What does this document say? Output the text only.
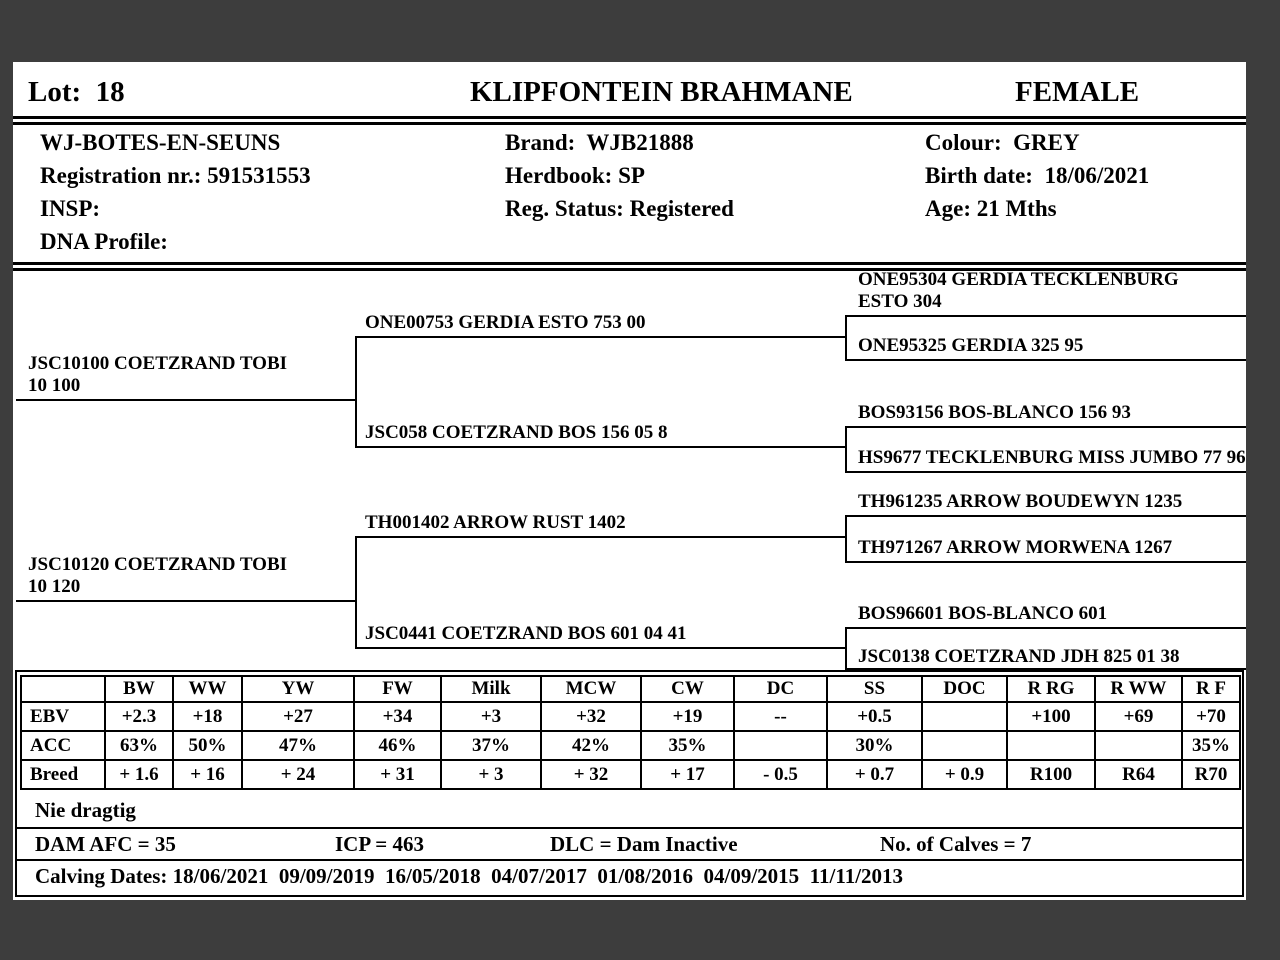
Lot:  18	KLIPFONTEIN BRAHMANE	FEMALE
WJ-BOTES-EN-SEUNS
Registration nr.: 591531553
INSP:
DNA Profile:
Brand:  WJB21888
Herdbook: SP
Reg. Status: Registered
Colour:  GREY
Birth date:  18/06/2021
Age: 21 Mths
JSC10100 COETZRAND TOBI 10 100
JSC10120 COETZRAND TOBI 10 120
ONE00753 GERDIA ESTO 753 00
JSC058 COETZRAND BOS 156 05 8
TH001402 ARROW RUST 1402
JSC0441 COETZRAND BOS 601 04 41
ONE95304 GERDIA TECKLENBURG ESTO 304
ONE95325 GERDIA 325 95
BOS93156 BOS-BLANCO 156 93
HS9677 TECKLENBURG MISS JUMBO 77 96
TH961235 ARROW BOUDEWYN 1235
TH971267 ARROW MORWENA 1267
BOS96601 BOS-BLANCO 601
JSC0138 COETZRAND JDH 825 01 38
	BW	WW	YW	FW	Milk	MCW	CW	DC	SS	DOC	R RG	R WW	R F
EBV	+2.3	+18	+27	+34	+3	+32	+19	--	+0.5		+100	+69	+70
ACC	63%	50%	47%	46%	37%	42%	35%		30%				35%
Breed	+ 1.6	+ 16	+ 24	+ 31	+ 3	+ 32	+ 17	- 0.5	+ 0.7	+ 0.9	R100	R64	R70
Nie dragtig
DAM AFC = 35	ICP = 463	DLC = Dam Inactive	No. of Calves = 7
Calving Dates: 18/06/2021  09/09/2019  16/05/2018  04/07/2017  01/08/2016  04/09/2015  11/11/2013
